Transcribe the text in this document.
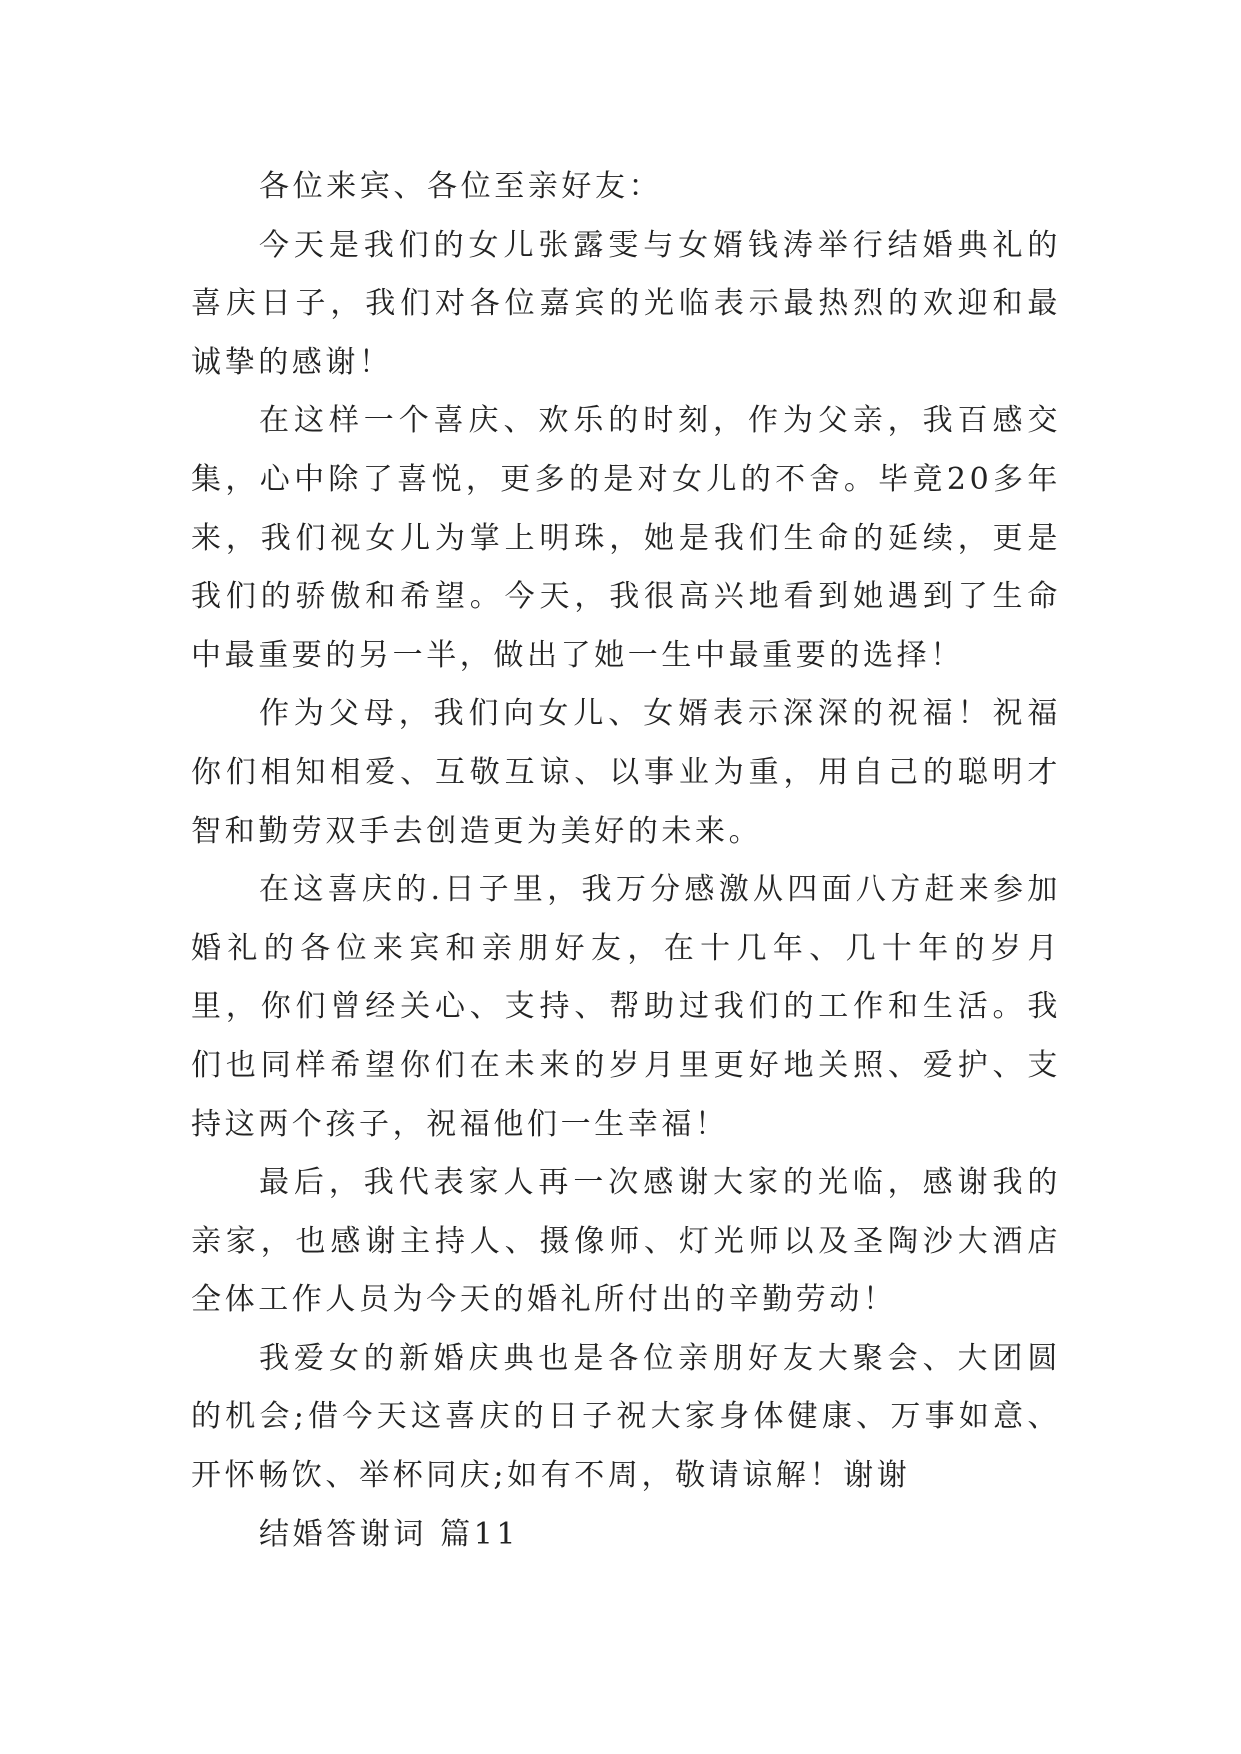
各位来宾、各位至亲好友：

今天是我们的女儿张露雯与女婿钱涛举行结婚典礼的喜庆日子，我们对各位嘉宾的光临表示最热烈的欢迎和最诚挚的感谢！

在这样一个喜庆、欢乐的时刻，作为父亲，我百感交集，心中除了喜悦，更多的是对女儿的不舍。毕竟20多年来，我们视女儿为掌上明珠，她是我们生命的延续，更是我们的骄傲和希望。今天，我很高兴地看到她遇到了生命中最重要的另一半，做出了她一生中最重要的选择！

作为父母，我们向女儿、女婿表示深深的祝福！祝福你们相知相爱、互敬互谅、以事业为重，用自己的聪明才智和勤劳双手去创造更为美好的未来。

在这喜庆的.日子里，我万分感激从四面八方赶来参加婚礼的各位来宾和亲朋好友，在十几年、几十年的岁月里，你们曾经关心、支持、帮助过我们的工作和生活。我们也同样希望你们在未来的岁月里更好地关照、爱护、支持这两个孩子，祝福他们一生幸福！

最后，我代表家人再一次感谢大家的光临，感谢我的亲家，也感谢主持人、摄像师、灯光师以及圣陶沙大酒店全体工作人员为今天的婚礼所付出的辛勤劳动！

我爱女的新婚庆典也是各位亲朋好友大聚会、大团圆的机会;借今天这喜庆的日子祝大家身体健康、万事如意、开怀畅饮、举杯同庆;如有不周，敬请谅解！谢谢

结婚答谢词 篇11
